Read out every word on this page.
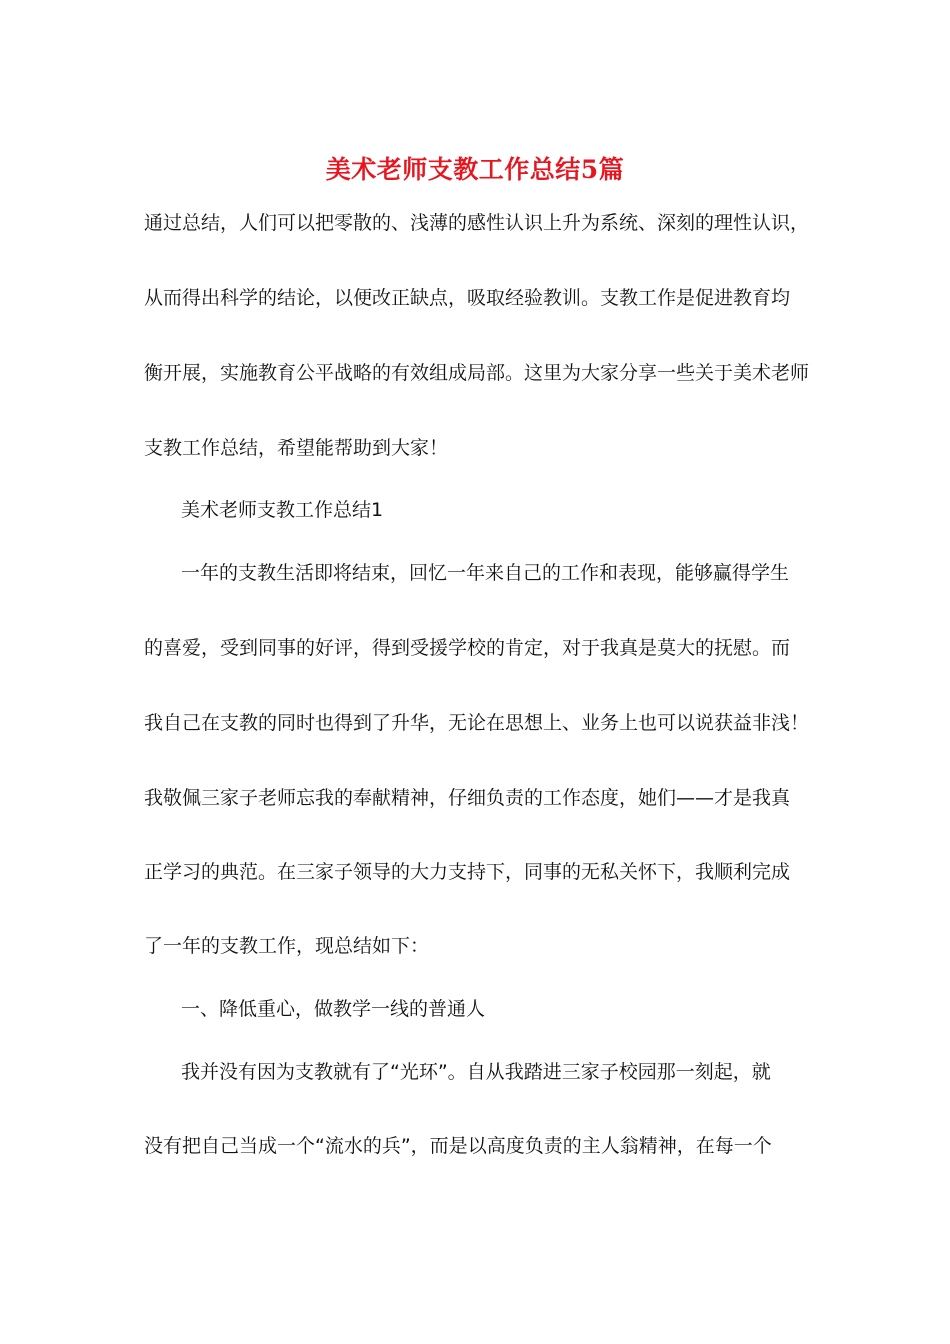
美术老师支教工作总结5篇

通过总结，人们可以把零散的、浅薄的感性认识上升为系统、深刻的理性认识，

从而得出科学的结论，以便改正缺点，吸取经验教训。支教工作是促进教育均

衡开展，实施教育公平战略的有效组成局部。这里为大家分享一些关于美术老师

支教工作总结，希望能帮助到大家！

美术老师支教工作总结1

一年的支教生活即将结束，回忆一年来自己的工作和表现，能够赢得学生

的喜爱，受到同事的好评，得到受援学校的肯定，对于我真是莫大的抚慰。而

我自己在支教的同时也得到了升华，无论在思想上、业务上也可以说获益非浅！

我敬佩三家子老师忘我的奉献精神，仔细负责的工作态度，她们——才是我真

正学习的典范。在三家子领导的大力支持下，同事的无私关怀下，我顺利完成

了一年的支教工作，现总结如下：

一、降低重心，做教学一线的普通人

我并没有因为支教就有了“光环”。自从我踏进三家子校园那一刻起，就

没有把自己当成一个“流水的兵”，而是以高度负责的主人翁精神，在每一个
